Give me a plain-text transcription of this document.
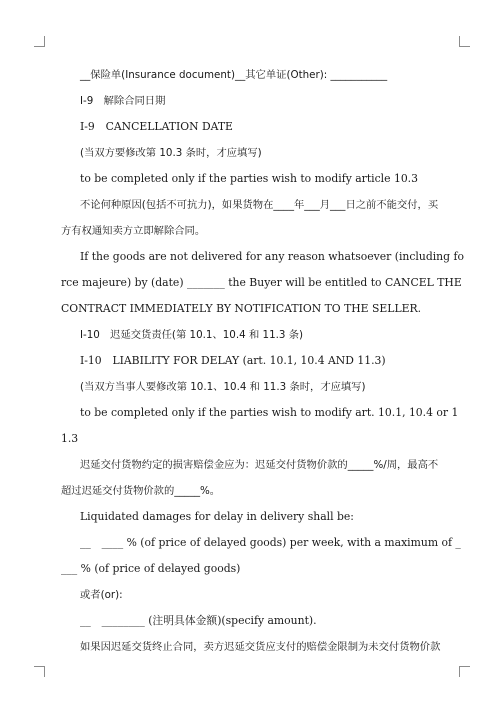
__保险单(Insurance document)__其它单证(Other): ___________
I-9　解除合同日期
I-9　CANCELLATION DATE
(当双方要修改第 10.3 条时，才应填写)
to be completed only if the parties wish to modify article 10.3
不论何种原因(包括不可抗力)，如果货物在____年___月___日之前不能交付，买
方有权通知卖方立即解除合同。
If the goods are not delivered for any reason whatsoever (including fo
rce majeure) by (date) _______ the Buyer will be entitled to CANCEL THE
CONTRACT IMMEDIATELY BY NOTIFICATION TO THE SELLER.
I-10　迟延交货责任(第 10.1、10.4 和 11.3 条)
I-10　LIABILITY FOR DELAY (art. 10.1, 10.4 AND 11.3)
(当双方当事人要修改第 10.1、10.4 和 11.3 条时，才应填写)
to be completed only if the parties wish to modify art. 10.1, 10.4 or 1
1.3
迟延交付货物约定的损害赔偿金应为：迟延交付货物价款的_____%/周，最高不
超过迟延交付货物价款的_____%。
Liquidated damages for delay in delivery shall be:
__　____ % (of price of delayed goods) per week, with a maximum of _
___ % (of price of delayed goods)
或者(or):
__　________ (注明具体金额)(specify amount).
如果因迟延交货终止合同，卖方迟延交货应支付的赔偿金限制为未交付货物价款
